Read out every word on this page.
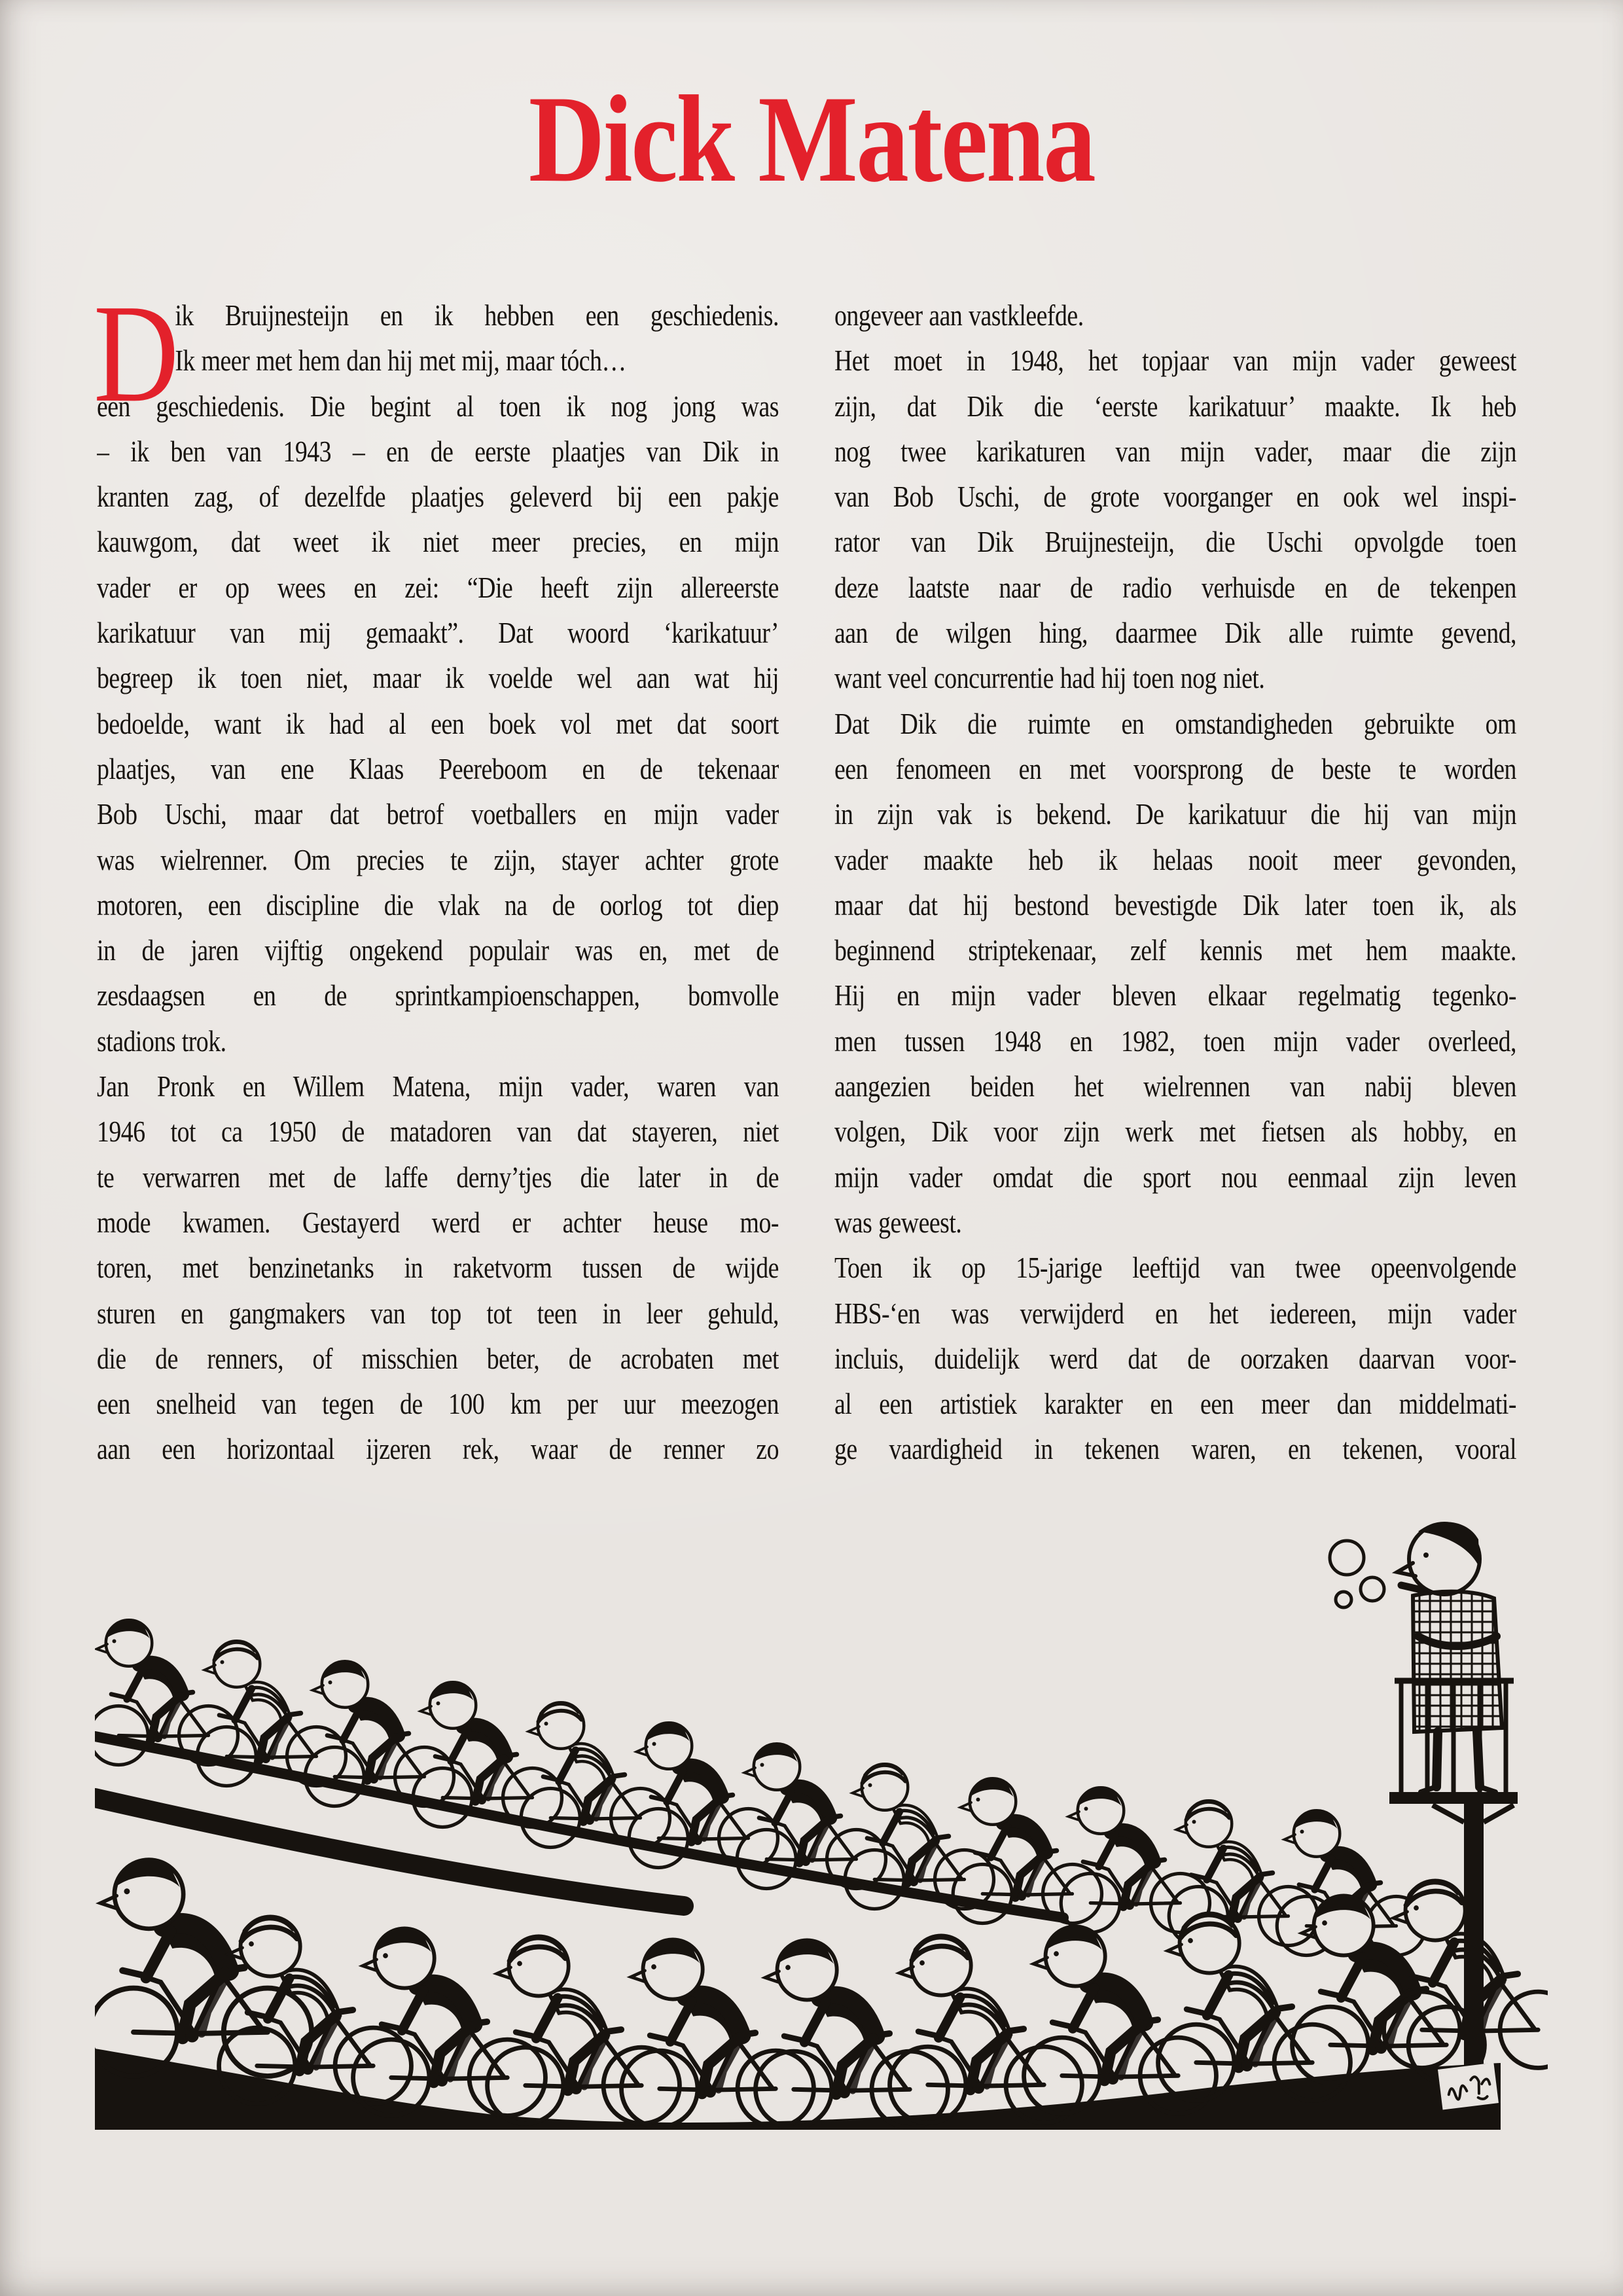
Dick Matena
D
ik Bruijnesteijn en ik hebben een geschiedenis.
Ik meer met hem dan hij met mij, maar tóch…
een geschiedenis. Die begint al toen ik nog jong was
– ik ben van 1943 – en de eerste plaatjes van Dik in
kranten zag, of dezelfde plaatjes geleverd bij een pakje
kauwgom, dat weet ik niet meer precies, en mijn
vader er op wees en zei: “Die heeft zijn allereerste
karikatuur van mij gemaakt”. Dat woord ‘karikatuur’
begreep ik toen niet, maar ik voelde wel aan wat hij
bedoelde, want ik had al een boek vol met dat soort
plaatjes, van ene Klaas Peereboom en de tekenaar
Bob Uschi, maar dat betrof voetballers en mijn vader
was wielrenner. Om precies te zijn, stayer achter grote
motoren, een discipline die vlak na de oorlog tot diep
in de jaren vijftig ongekend populair was en, met de
zesdaagsen en de sprintkampioenschappen, bomvolle
stadions trok.
Jan Pronk en Willem Matena, mijn vader, waren van
1946 tot ca 1950 de matadoren van dat stayeren, niet
te verwarren met de laffe derny’tjes die later in de
mode kwamen. Gestayerd werd er achter heuse mo-
toren, met benzinetanks in raketvorm tussen de wijde
sturen en gangmakers van top tot teen in leer gehuld,
die de renners, of misschien beter, de acrobaten met
een snelheid van tegen de 100 km per uur meezogen
aan een horizontaal ijzeren rek, waar de renner zo
ongeveer aan vastkleefde.
Het moet in 1948, het topjaar van mijn vader geweest
zijn, dat Dik die ‘eerste karikatuur’ maakte. Ik heb
nog twee karikaturen van mijn vader, maar die zijn
van Bob Uschi, de grote voorganger en ook wel inspi-
rator van Dik Bruijnesteijn, die Uschi opvolgde toen
deze laatste naar de radio verhuisde en de tekenpen
aan de wilgen hing, daarmee Dik alle ruimte gevend,
want veel concurrentie had hij toen nog niet.
Dat Dik die ruimte en omstandigheden gebruikte om
een fenomeen en met voorsprong de beste te worden
in zijn vak is bekend. De karikatuur die hij van mijn
vader maakte heb ik helaas nooit meer gevonden,
maar dat hij bestond bevestigde Dik later toen ik, als
beginnend striptekenaar, zelf kennis met hem maakte.
Hij en mijn vader bleven elkaar regelmatig tegenko-
men tussen 1948 en 1982, toen mijn vader overleed,
aangezien beiden het wielrennen van nabij bleven
volgen, Dik voor zijn werk met fietsen als hobby, en
mijn vader omdat die sport nou eenmaal zijn leven
was geweest.
Toen ik op 15-jarige leeftijd van twee opeenvolgende
HBS-‘en was verwijderd en het iedereen, mijn vader
incluis, duidelijk werd dat de oorzaken daarvan voor-
al een artistiek karakter en een meer dan middelmati-
ge vaardigheid in tekenen waren, en tekenen, vooral
